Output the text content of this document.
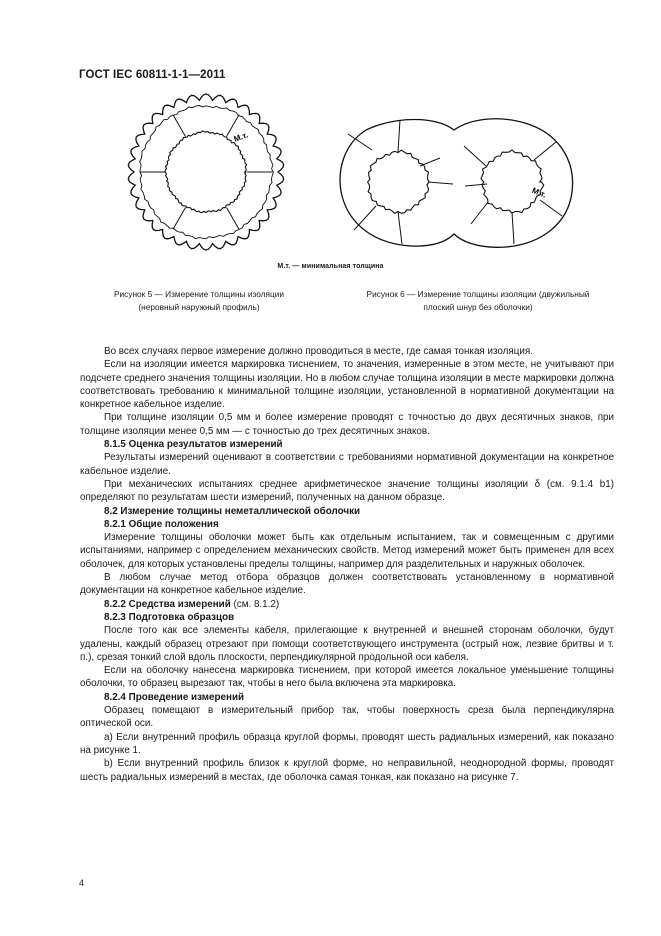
ГОСТ IEC 60811-1-1—2011
М.т.
М.т.
М.т. — минимальная толщина
Рисунок 5 — Измерение толщины изоляции
(неровный наружный профиль)
Рисунок 6 — Измерение толщины изоляции (двужильный
плоский шнур без оболочки)

Во всех случаях первое измерение должно проводиться в месте, где самая тонкая изоляция.

Если на изоляции имеется маркировка тиснением, то значения, измеренные в этом месте, не учитывают при подсчете среднего значения толщины изоляции. Но в любом случае толщина изоляции в месте маркировки должна соответствовать требованию к минимальной толщине изоляции, установленной в нормативной документации на конкретное кабельное изделие.

При толщине изоляции 0,5 мм и более измерение проводят с точностью до двух десятичных знаков, при толщине изоляции менее 0,5 мм — с точностью до трех десятичных знаков.

8.1.5 Оценка результатов измерений

Результаты измерений оценивают в соответствии с требованиями нормативной документации на конкретное кабельное изделие.

При механических испытаниях среднее арифметическое значение толщины изоляции δ (см. 9.1.4 b1) определяют по результатам шести измерений, полученных на данном образце.

8.2 Измерение толщины неметаллической оболочки

8.2.1 Общие положения

Измерение толщины оболочки может быть как отдельным испытанием, так и совмещенным с другими испытаниями, например с определением механических свойств. Метод измерений может быть применен для всех оболочек, для которых установлены пределы толщины, например для разделительных и наружных оболочек.

В любом случае метод отбора образцов должен соответствовать установленному в нормативной документации на конкретное кабельное изделие.

8.2.2 Средства измерений (см. 8.1.2)

8.2.3 Подготовка образцов

После того как все элементы кабеля, прилегающие к внутренней и внешней сторонам оболочки, будут удалены, каждый образец отрезают при помощи соответствующего инструмента (острый нож, лезвие бритвы и т. п.), срезая тонкий слой вдоль плоскости, перпендикулярной продольной оси кабеля.

Если на оболочку нанесена маркировка тиснением, при которой имеется локальное уменьшение толщины оболочки, то образец вырезают так, чтобы в него была включена эта маркировка.

8.2.4 Проведение измерений

Образец помещают в измерительный прибор так, чтобы поверхность среза была перпендикулярна оптической оси.

a) Если внутренний профиль образца круглой формы, проводят шесть радиальных измерений, как показано на рисунке 1.

b) Если внутренний профиль близок к круглой форме, но неправильной, неоднородной формы, проводят шесть радиальных измерений в местах, где оболочка самая тонкая, как показано на рисунке 7.

4
